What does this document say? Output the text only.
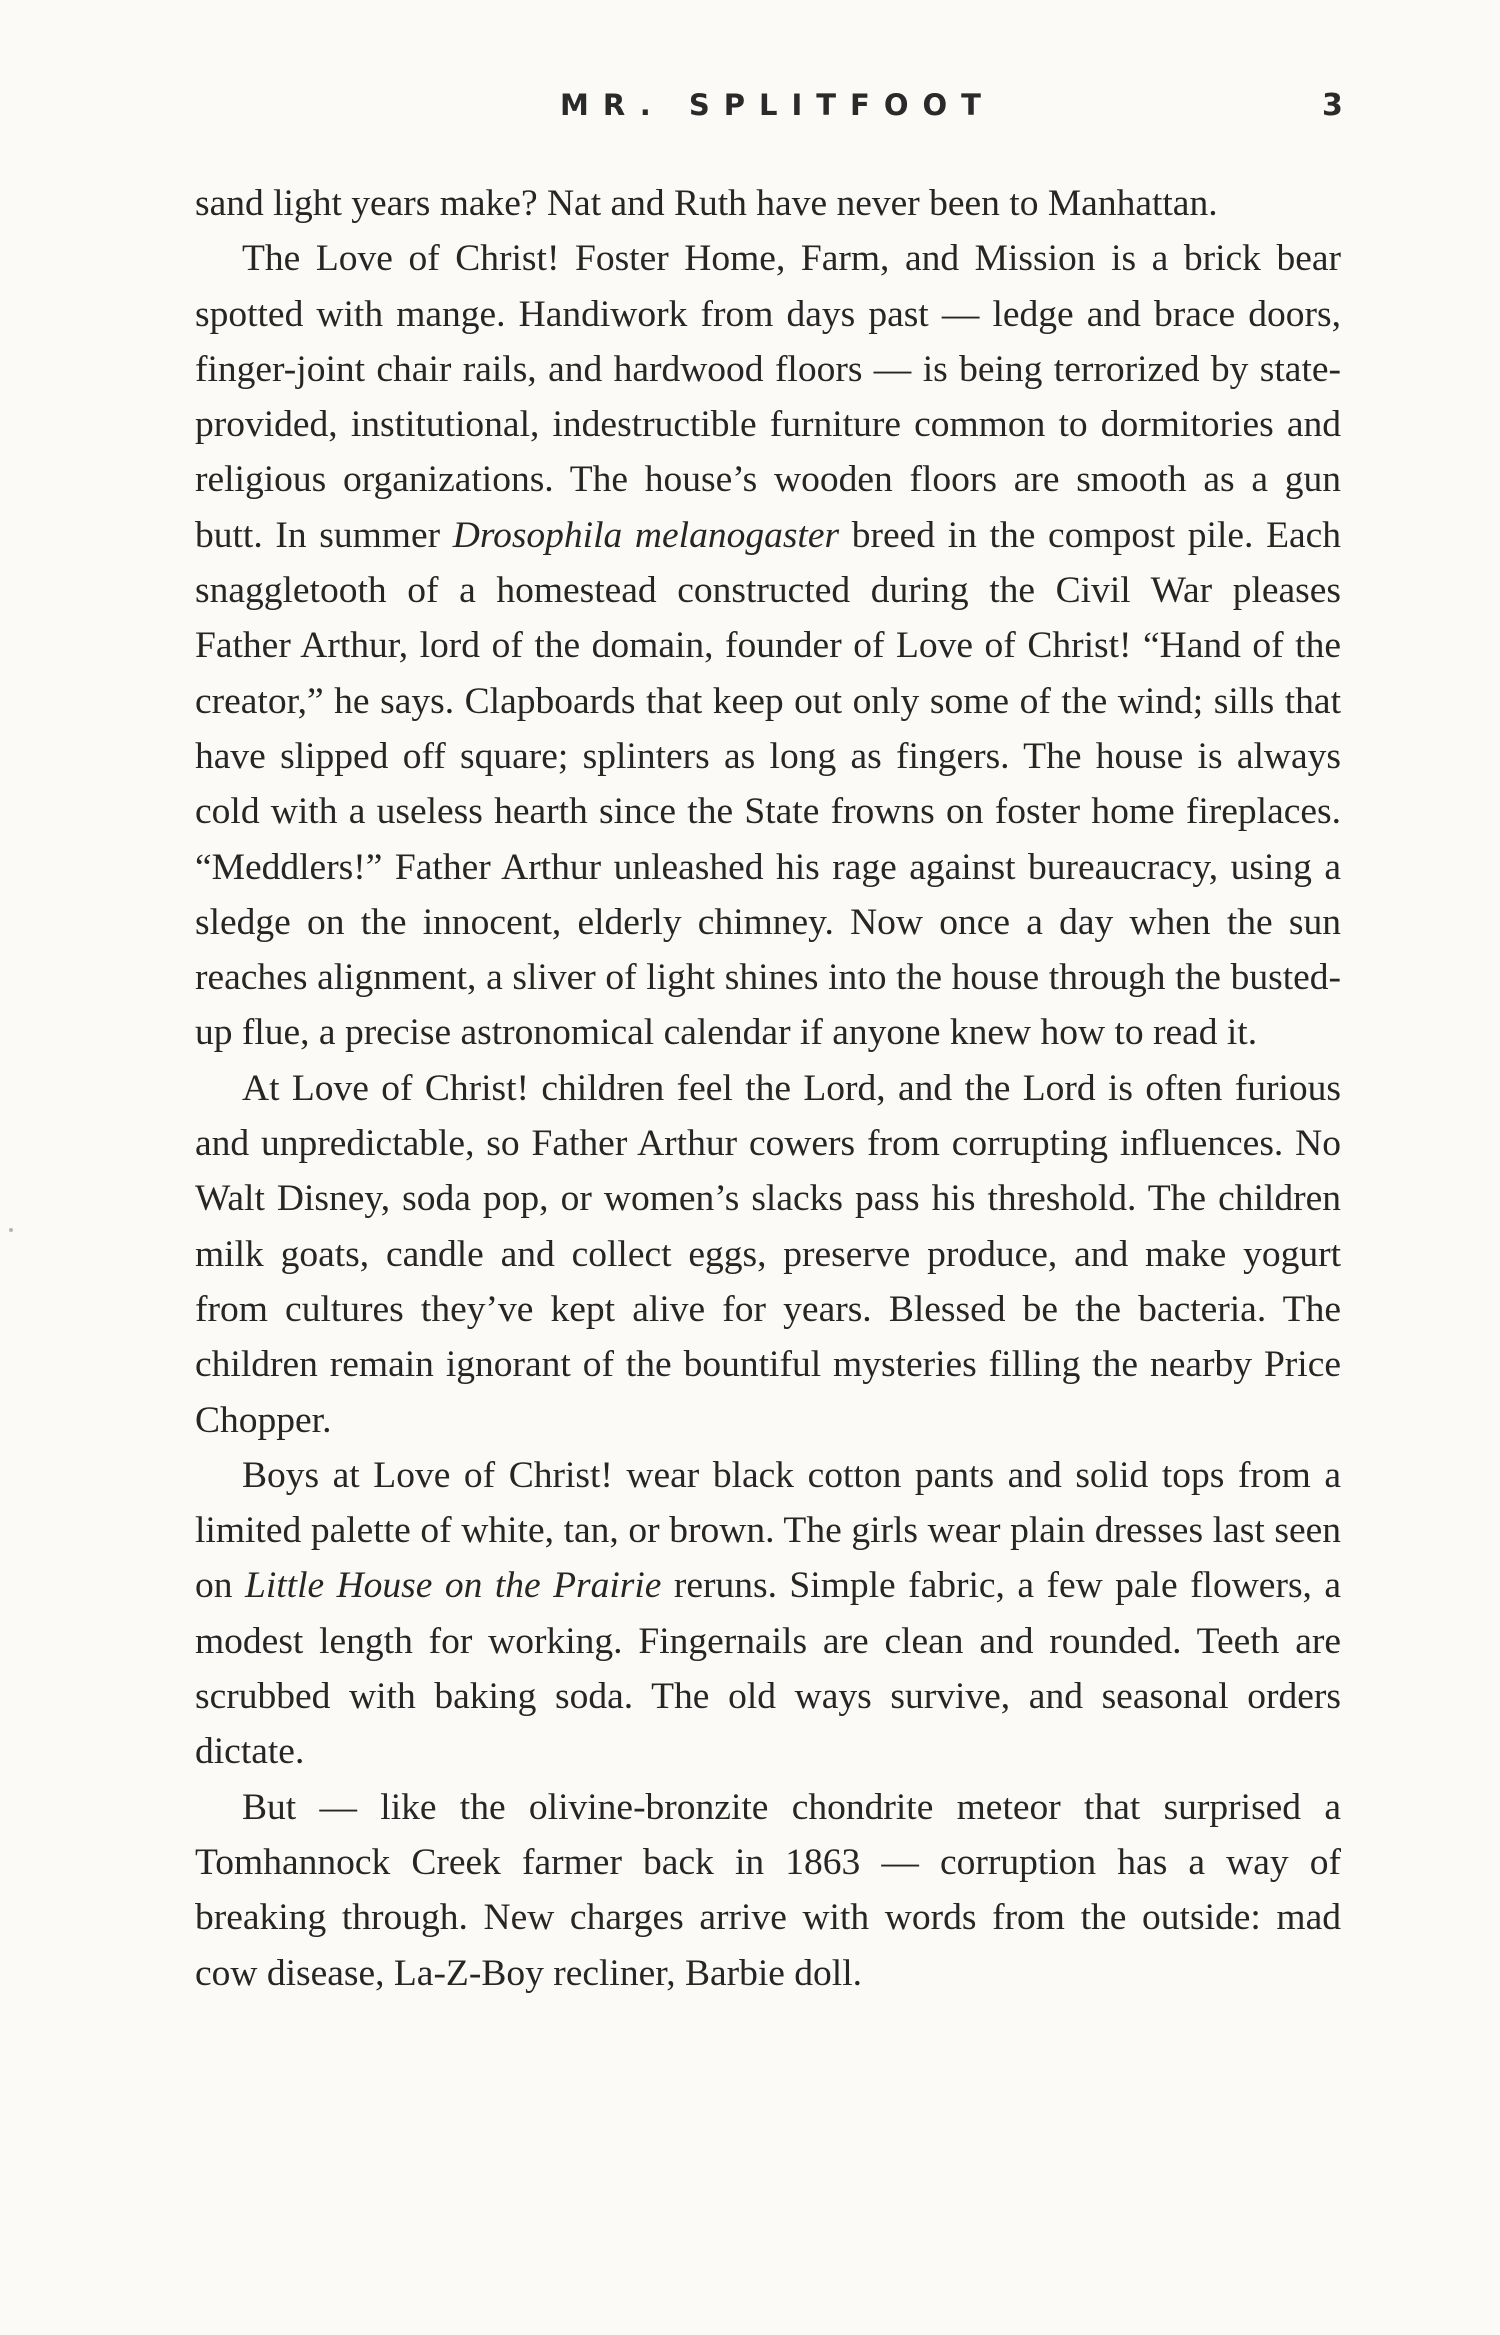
MR. SPLITFOOT	3

sand light years make? Nat and Ruth have never been to Manhattan.

The Love of Christ! Foster Home, Farm, and Mission is a brick bear spotted with mange. Handiwork from days past — ledge and brace doors, finger-joint chair rails, and hardwood floors — is being terrorized by state-provided, institutional, indestructible furniture common to dormitories and religious organizations. The house’s wooden floors are smooth as a gun butt. In summer Drosophila melanogaster breed in the compost pile. Each snaggletooth of a homestead constructed during the Civil War pleases Father Arthur, lord of the domain, founder of Love of Christ! “Hand of the creator,” he says. Clapboards that keep out only some of the wind; sills that have slipped off square; splinters as long as fingers. The house is always cold with a useless hearth since the State frowns on foster home fireplaces. “Meddlers!” Father Arthur unleashed his rage against bureaucracy, using a sledge on the innocent, elderly chimney. Now once a day when the sun reaches alignment, a sliver of light shines into the house through the busted-up flue, a precise astronomical calendar if anyone knew how to read it.

At Love of Christ! children feel the Lord, and the Lord is often furious and unpredictable, so Father Arthur cowers from corrupting influences. No Walt Disney, soda pop, or women’s slacks pass his threshold. The children milk goats, candle and collect eggs, preserve produce, and make yogurt from cultures they’ve kept alive for years. Blessed be the bacteria. The children remain ignorant of the bountiful mysteries filling the nearby Price Chopper.

Boys at Love of Christ! wear black cotton pants and solid tops from a limited palette of white, tan, or brown. The girls wear plain dresses last seen on Little House on the Prairie reruns. Simple fabric, a few pale flowers, a modest length for working. Fingernails are clean and rounded. Teeth are scrubbed with baking soda. The old ways survive, and seasonal orders dictate.

But — like the olivine-bronzite chondrite meteor that surprised a Tomhannock Creek farmer back in 1863 — corruption has a way of breaking through. New charges arrive with words from the outside: mad cow disease, La-Z-Boy recliner, Barbie doll.
